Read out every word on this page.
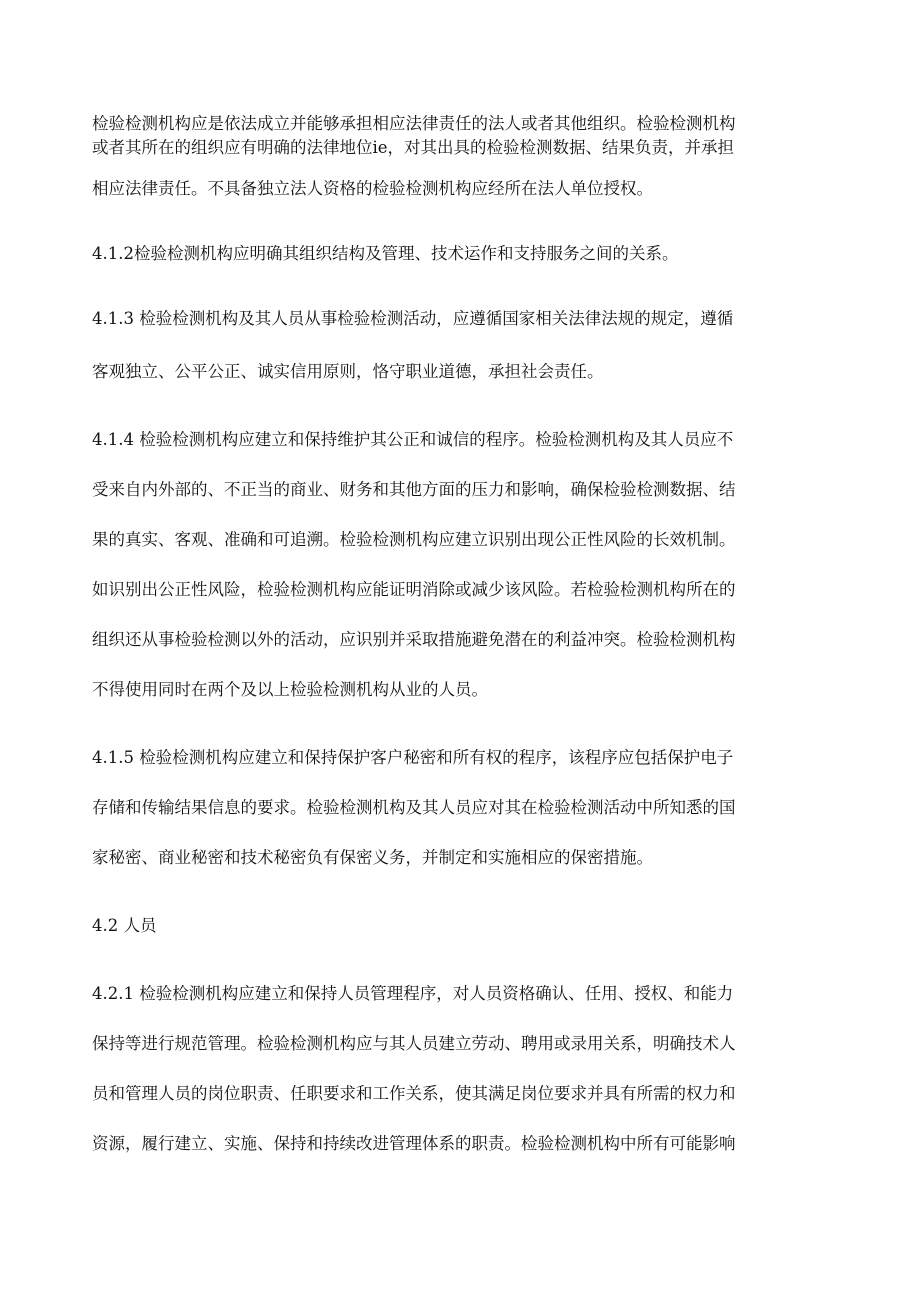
检验检测机构应是依法成立并能够承担相应法律责任的法人或者其他组织。检验检测机构
或者其所在的组织应有明确的法律地位ie，对其出具的检验检测数据、结果负责，并承担
相应法律责任。不具备独立法人资格的检验检测机构应经所在法人单位授权。
4.1.2检验检测机构应明确其组织结构及管理、技术运作和支持服务之间的关系。
4.1.3 检验检测机构及其人员从事检验检测活动，应遵循国家相关法律法规的规定，遵循
客观独立、公平公正、诚实信用原则，恪守职业道德，承担社会责任。
4.1.4 检验检测机构应建立和保持维护其公正和诚信的程序。检验检测机构及其人员应不
受来自内外部的、不正当的商业、财务和其他方面的压力和影响，确保检验检测数据、结
果的真实、客观、准确和可追溯。检验检测机构应建立识别出现公正性风险的长效机制。
如识别出公正性风险，检验检测机构应能证明消除或减少该风险。若检验检测机构所在的
组织还从事检验检测以外的活动，应识别并采取措施避免潜在的利益冲突。检验检测机构
不得使用同时在两个及以上检验检测机构从业的人员。
4.1.5 检验检测机构应建立和保持保护客户秘密和所有权的程序，该程序应包括保护电子
存储和传输结果信息的要求。检验检测机构及其人员应对其在检验检测活动中所知悉的国
家秘密、商业秘密和技术秘密负有保密义务，并制定和实施相应的保密措施。
4.2 人员
4.2.1 检验检测机构应建立和保持人员管理程序，对人员资格确认、任用、授权、和能力
保持等进行规范管理。检验检测机构应与其人员建立劳动、聘用或录用关系，明确技术人
员和管理人员的岗位职责、任职要求和工作关系，使其满足岗位要求并具有所需的权力和
资源，履行建立、实施、保持和持续改进管理体系的职责。检验检测机构中所有可能影响
